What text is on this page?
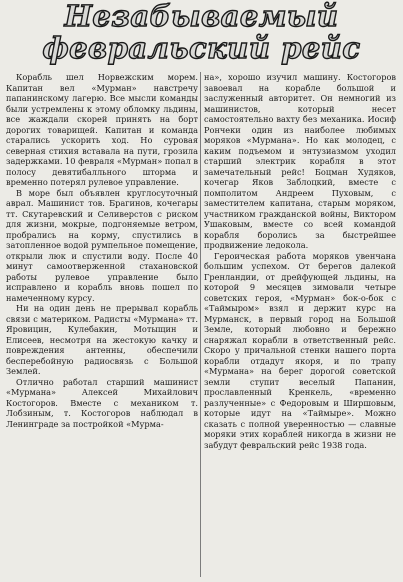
Незабываемый
февральский рейс

Корабль шел Норвежским морем. Капитан вел «Мурман» навстречу папанинскому лагерю. Все мысли команды были устремлены к этому обломку льдины, все жаждали скорей принять на борт дорогих товарищей. Капитан и команда старались ускорить ход. Но суровая северная стихия вставала на пути, грозила задержками. 10 февраля «Мурман» попал в полосу девятибалльного шторма и временно потерял рулевое управление.

В море был объявлен круглосуточный аврал. Машинист тов. Брагинов, кочегары тт. Скутаревский и Селиверстов с риском для жизни, мокрые, подгоняемые ветром, пробрались на корму, спустились в затопленное водой румпельное помещение, открыли люк и спустили воду. После 40 минут самоотверженной стахановской работы рулевое управление было исправлено и корабль вновь пошел по намеченному курсу.

Ни на один день не прерывал корабль связи с материком. Радисты «Мурмана» тт. Яровицин, Кулебакин, Мотыщин и Елисеев, несмотря на жестокую качку и повреждения антенны, обеспечили бесперебойную радиосвязь с Большой Землей.

Отлично работал старший машинист «Мурмана» Алексей Михайлович Костогоров. Вместе с механиком т. Лобзиным, т. Костогоров наблюдал в Ленинграде за постройкой «Мурма-

на», хорошо изучил машину. Костогоров завоевал на корабле большой и заслуженный авторитет. Он немногий из машинистов, который несет самостоятельно вахту без механика. Иосиф Рончеки один из наиболее любимых моряков «Мурмана». Но как молодец, с каким подъемом и энтузиазмом уходил старший электрик корабля в этот замечательный рейс! Боцман Худяков, кочегар Яков Заблоцкий, вместе с помполитом Андреем Пуховым, с заместителем капитана, старым моряком, участником гражданской войны, Виктором Ушаковым, вместе со всей командой корабля боролись за быстрейшее продвижение ледокола.

Героическая работа моряков увенчана большим успехом. От берегов далекой Гренландии, от дрейфующей льдины, на которой 9 месяцев зимовали четыре советских героя, «Мурман» бок-о-бок с «Таймыром» взял и держит курс на Мурманск, в первый город на Большой Земле, который любовно и бережно снаряжал корабли в ответственный рейс. Скоро у причальной стенки нашего порта корабли отдадут якоря, и по трапу «Мурмана» на берег дорогой советской земли ступит веселый Папанин, прославленный Кренкель, «временно разлученные» с Федоровым и Ширшовым, которые идут на «Таймыре». Можно сказать с полной уверенностью — славные моряки этих кораблей никогда в жизни не забудут февральский рейс 1938 года.
